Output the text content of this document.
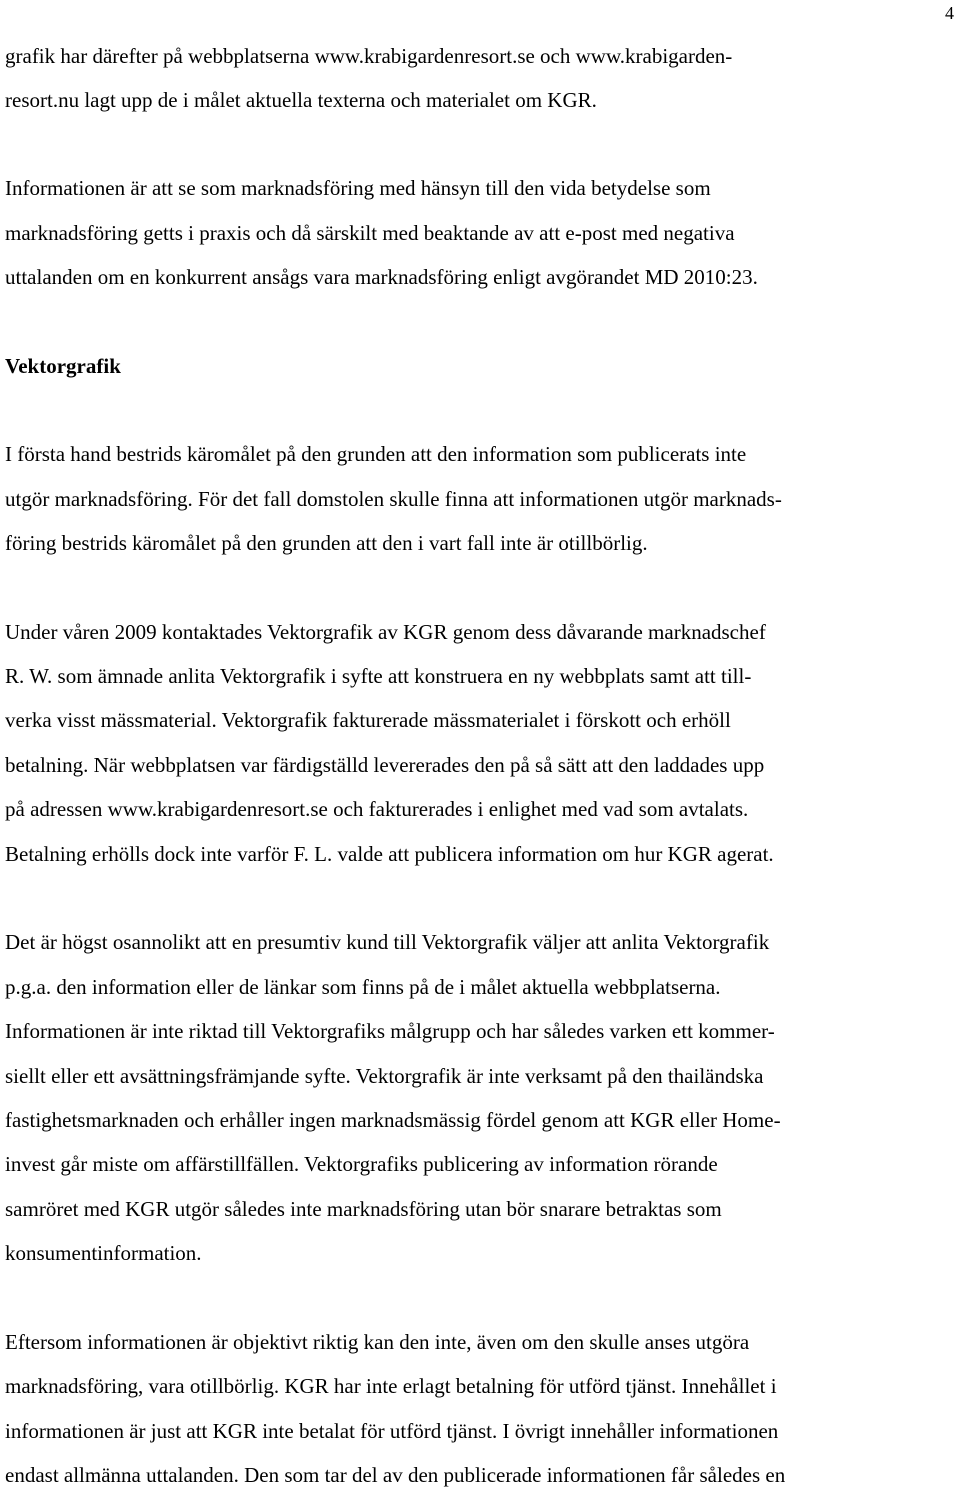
4
grafik har därefter på webbplatserna www.krabigardenresort.se och www.krabigarden-
resort.nu lagt upp de i målet aktuella texterna och materialet om KGR.
Informationen är att se som marknadsföring med hänsyn till den vida betydelse som
marknadsföring getts i praxis och då särskilt med beaktande av att e-post med negativa
uttalanden om en konkurrent ansågs vara marknadsföring enligt avgörandet MD 2010:23.
Vektorgrafik
I första hand bestrids käromålet på den grunden att den information som publicerats inte
utgör marknadsföring. För det fall domstolen skulle finna att informationen utgör marknads-
föring bestrids käromålet på den grunden att den i vart fall inte är otillbörlig.
Under våren 2009 kontaktades Vektorgrafik av KGR genom dess dåvarande marknadschef
R. W. som ämnade anlita Vektorgrafik i syfte att konstruera en ny webbplats samt att till-
verka visst mässmaterial. Vektorgrafik fakturerade mässmaterialet i förskott och erhöll
betalning. När webbplatsen var färdigställd levererades den på så sätt att den laddades upp
på adressen www.krabigardenresort.se och fakturerades i enlighet med vad som avtalats.
Betalning erhölls dock inte varför F. L. valde att publicera information om hur KGR agerat.
Det är högst osannolikt att en presumtiv kund till Vektorgrafik väljer att anlita Vektorgrafik
p.g.a. den information eller de länkar som finns på de i målet aktuella webbplatserna.
Informationen är inte riktad till Vektorgrafiks målgrupp och har således varken ett kommer-
siellt eller ett avsättningsfrämjande syfte. Vektorgrafik är inte verksamt på den thailändska
fastighetsmarknaden och erhåller ingen marknadsmässig fördel genom att KGR eller Home-
invest går miste om affärstillfällen. Vektorgrafiks publicering av information rörande
samröret med KGR utgör således inte marknadsföring utan bör snarare betraktas som
konsumentinformation.
Eftersom informationen är objektivt riktig kan den inte, även om den skulle anses utgöra
marknadsföring, vara otillbörlig. KGR har inte erlagt betalning för utförd tjänst. Innehållet i
informationen är just att KGR inte betalat för utförd tjänst. I övrigt innehåller informationen
endast allmänna uttalanden. Den som tar del av den publicerade informationen får således en
